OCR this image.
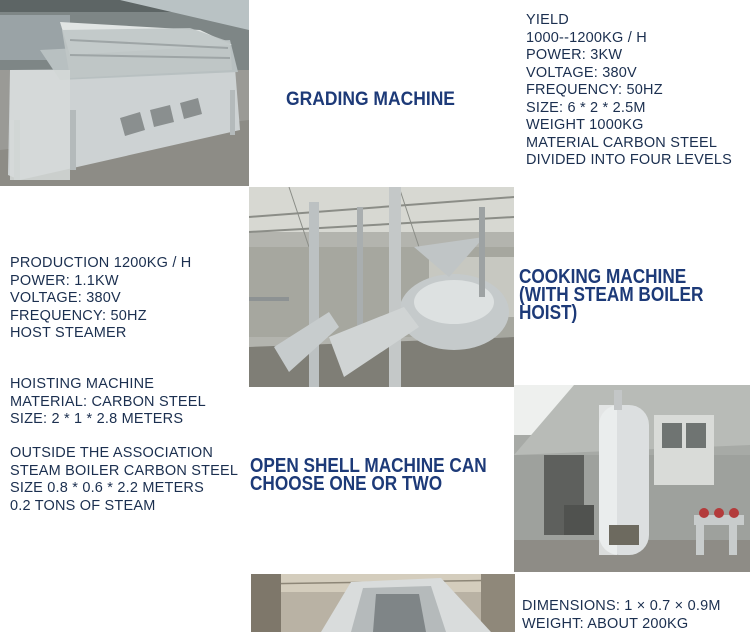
GRADING MACHINE
COOKING MACHINE
(WITH STEAM BOILER
HOIST)
OPEN SHELL MACHINE CAN
CHOOSE ONE OR TWO
YIELD
1000--1200KG / H
POWER: 3KW
VOLTAGE: 380V
FREQUENCY: 50HZ
SIZE: 6 * 2 * 2.5M
WEIGHT 1000KG
MATERIAL CARBON STEEL
DIVIDED INTO FOUR LEVELS
PRODUCTION 1200KG / H
POWER: 1.1KW
VOLTAGE: 380V
FREQUENCY: 50HZ
HOST STEAMER
HOISTING MACHINE
MATERIAL: CARBON STEEL
SIZE: 2 * 1 * 2.8 METERS
OUTSIDE THE ASSOCIATION
STEAM BOILER CARBON STEEL
SIZE 0.8 * 0.6 * 2.2 METERS
0.2 TONS OF STEAM
DIMENSIONS: 1 × 0.7 × 0.9M
WEIGHT: ABOUT 200KG
